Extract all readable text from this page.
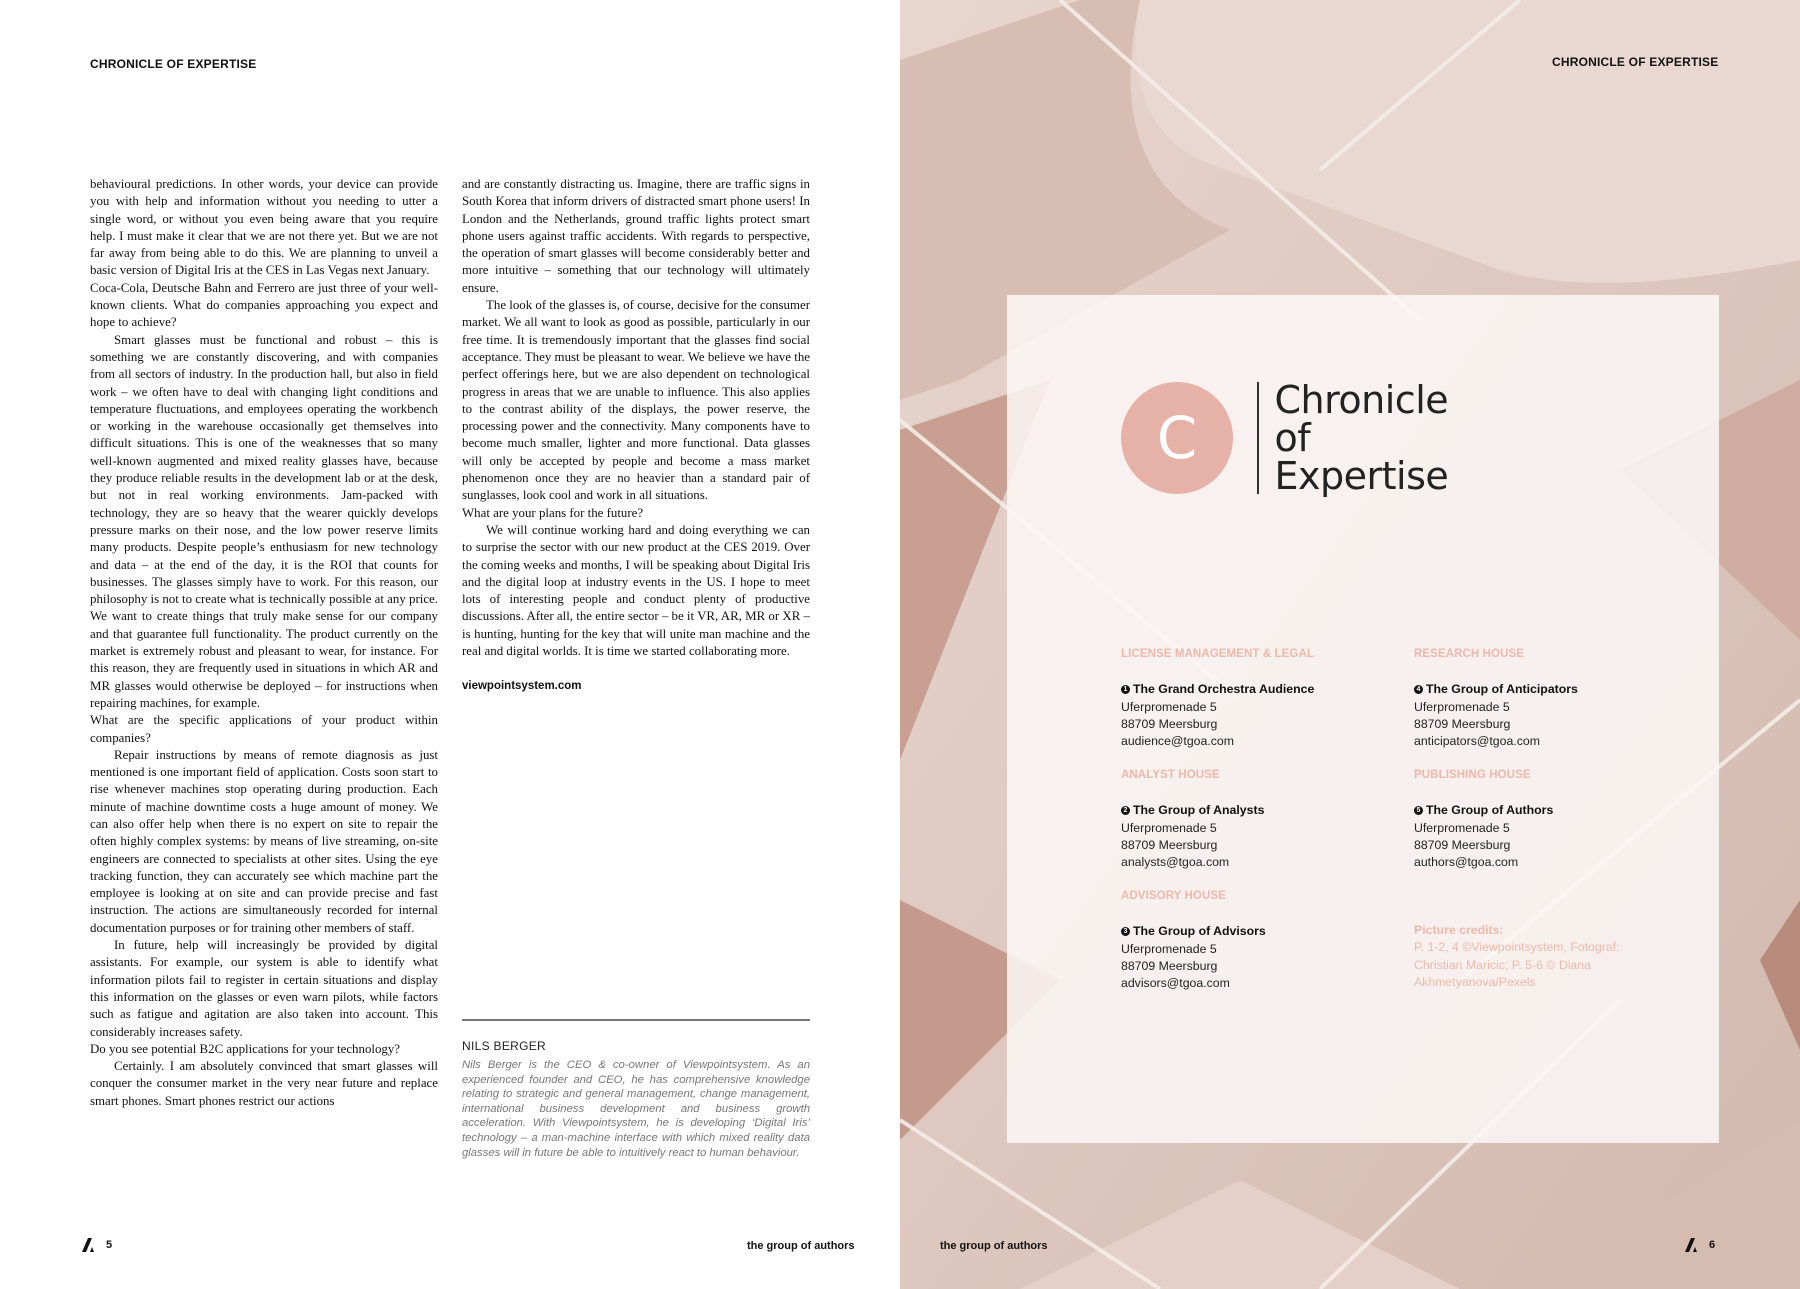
CHRONICLE OF EXPERTISE

behavioural predictions. In other words, your device can provide you with help and information without you needing to utter a single word, or without you even being aware that you require help. I must make it clear that we are not there yet. But we are not far away from being able to do this. We are planning to unveil a basic version of Digital Iris at the CES in Las Vegas next January.

Coca-Cola, Deutsche Bahn and Ferrero are just three of your well-known clients. What do companies approaching you expect and hope to achieve?

Smart glasses must be functional and robust – this is something we are constantly discovering, and with companies from all sectors of industry. In the production hall, but also in field work – we often have to deal with changing light conditions and temperature fluctuations, and employees operating the workbench or working in the warehouse occasionally get themselves into difficult situations. This is one of the weaknesses that so many well-known augmented and mixed reality glasses have, because they produce reliable results in the development lab or at the desk, but not in real working environments. Jam-packed with technology, they are so heavy that the wearer quickly develops pressure marks on their nose, and the low power reserve limits many products. Despite people’s enthusiasm for new technology and data – at the end of the day, it is the ROI that counts for businesses. The glasses simply have to work. For this reason, our philosophy is not to create what is technically possible at any price. We want to create things that truly make sense for our company and that guarantee full functionality. The product currently on the market is extremely robust and pleasant to wear, for instance. For this reason, they are frequently used in situations in which AR and MR glasses would otherwise be deployed – for instructions when repairing machines, for example.

What are the specific applications of your product within companies?

Repair instructions by means of remote diagnosis as just mentioned is one important field of application. Costs soon start to rise whenever machines stop operating during production. Each minute of machine downtime costs a huge amount of money. We can also offer help when there is no expert on site to repair the often highly complex systems: by means of live streaming, on-site engineers are connected to specialists at other sites. Using the eye tracking function, they can accurately see which machine part the employee is looking at on site and can provide precise and fast instruction. The actions are simultaneously recorded for internal documentation purposes or for training other members of staff.

In future, help will increasingly be provided by digital assistants. For example, our system is able to identify what information pilots fail to register in certain situations and display this information on the glasses or even warn pilots, while factors such as fatigue and agitation are also taken into account. This considerably increases safety.

Do you see potential B2C applications for your technology?

Certainly. I am absolutely convinced that smart glasses will conquer the consumer market in the very near future and replace smart phones. Smart phones restrict our actions

and are constantly distracting us. Imagine, there are traffic signs in South Korea that inform drivers of distracted smart phone users! In London and the Netherlands, ground traffic lights protect smart phone users against traffic accidents. With regards to perspective, the operation of smart glasses will become considerably better and more intuitive – something that our technology will ultimately ensure.

The look of the glasses is, of course, decisive for the consumer market. We all want to look as good as possible, particularly in our free time. It is tremendously important that the glasses find social acceptance. They must be pleasant to wear. We believe we have the perfect offerings here, but we are also dependent on technological progress in areas that we are unable to influence. This also applies to the contrast ability of the displays, the power reserve, the processing power and the connectivity. Many components have to become much smaller, lighter and more functional. Data glasses will only be accepted by people and become a mass market phenomenon once they are no heavier than a standard pair of sunglasses, look cool and work in all situations.

What are your plans for the future?

We will continue working hard and doing everything we can to surprise the sector with our new product at the CES 2019. Over the coming weeks and months, I will be speaking about Digital Iris and the digital loop at industry events in the US. I hope to meet lots of interesting people and conduct plenty of productive discussions. After all, the entire sector – be it VR, AR, MR or XR – is hunting, hunting for the key that will unite man machine and the real and digital worlds. It is time we started collaborating more.

viewpointsystem.com

NILS BERGER
Nils Berger is the CEO & co-owner of Viewpointsystem. As an experienced founder and CEO, he has comprehensive knowledge relating to strategic and general management, change management, international business development and business growth acceleration. With Viewpointsystem, he is developing ‘Digital Iris’ technology – a man-machine interface with which mixed reality data glasses will in future be able to intuitively react to human behaviour.
5	the group of authors
CHRONICLE OF EXPERTISE
C
Chronicle
of
Expertise
LICENSE MANAGEMENT & LEGAL
1 The Grand Orchestra Audience
Uferpromenade 5
88709 Meersburg
audience@tgoa.com
RESEARCH HOUSE
4 The Group of Anticipators
Uferpromenade 5
88709 Meersburg
anticipators@tgoa.com
ANALYST HOUSE
2 The Group of Analysts
Uferpromenade 5
88709 Meersburg
analysts@tgoa.com
PUBLISHING HOUSE
5 The Group of Authors
Uferpromenade 5
88709 Meersburg
authors@tgoa.com
ADVISORY HOUSE
3 The Group of Advisors
Uferpromenade 5
88709 Meersburg
advisors@tgoa.com
Picture credits:
P. 1-2, 4 ©Viewpointsystem, Fotograf: Christian Maricic; P. 5-6 © Diana Akhmetyanova/Pexels
the group of authors	6
